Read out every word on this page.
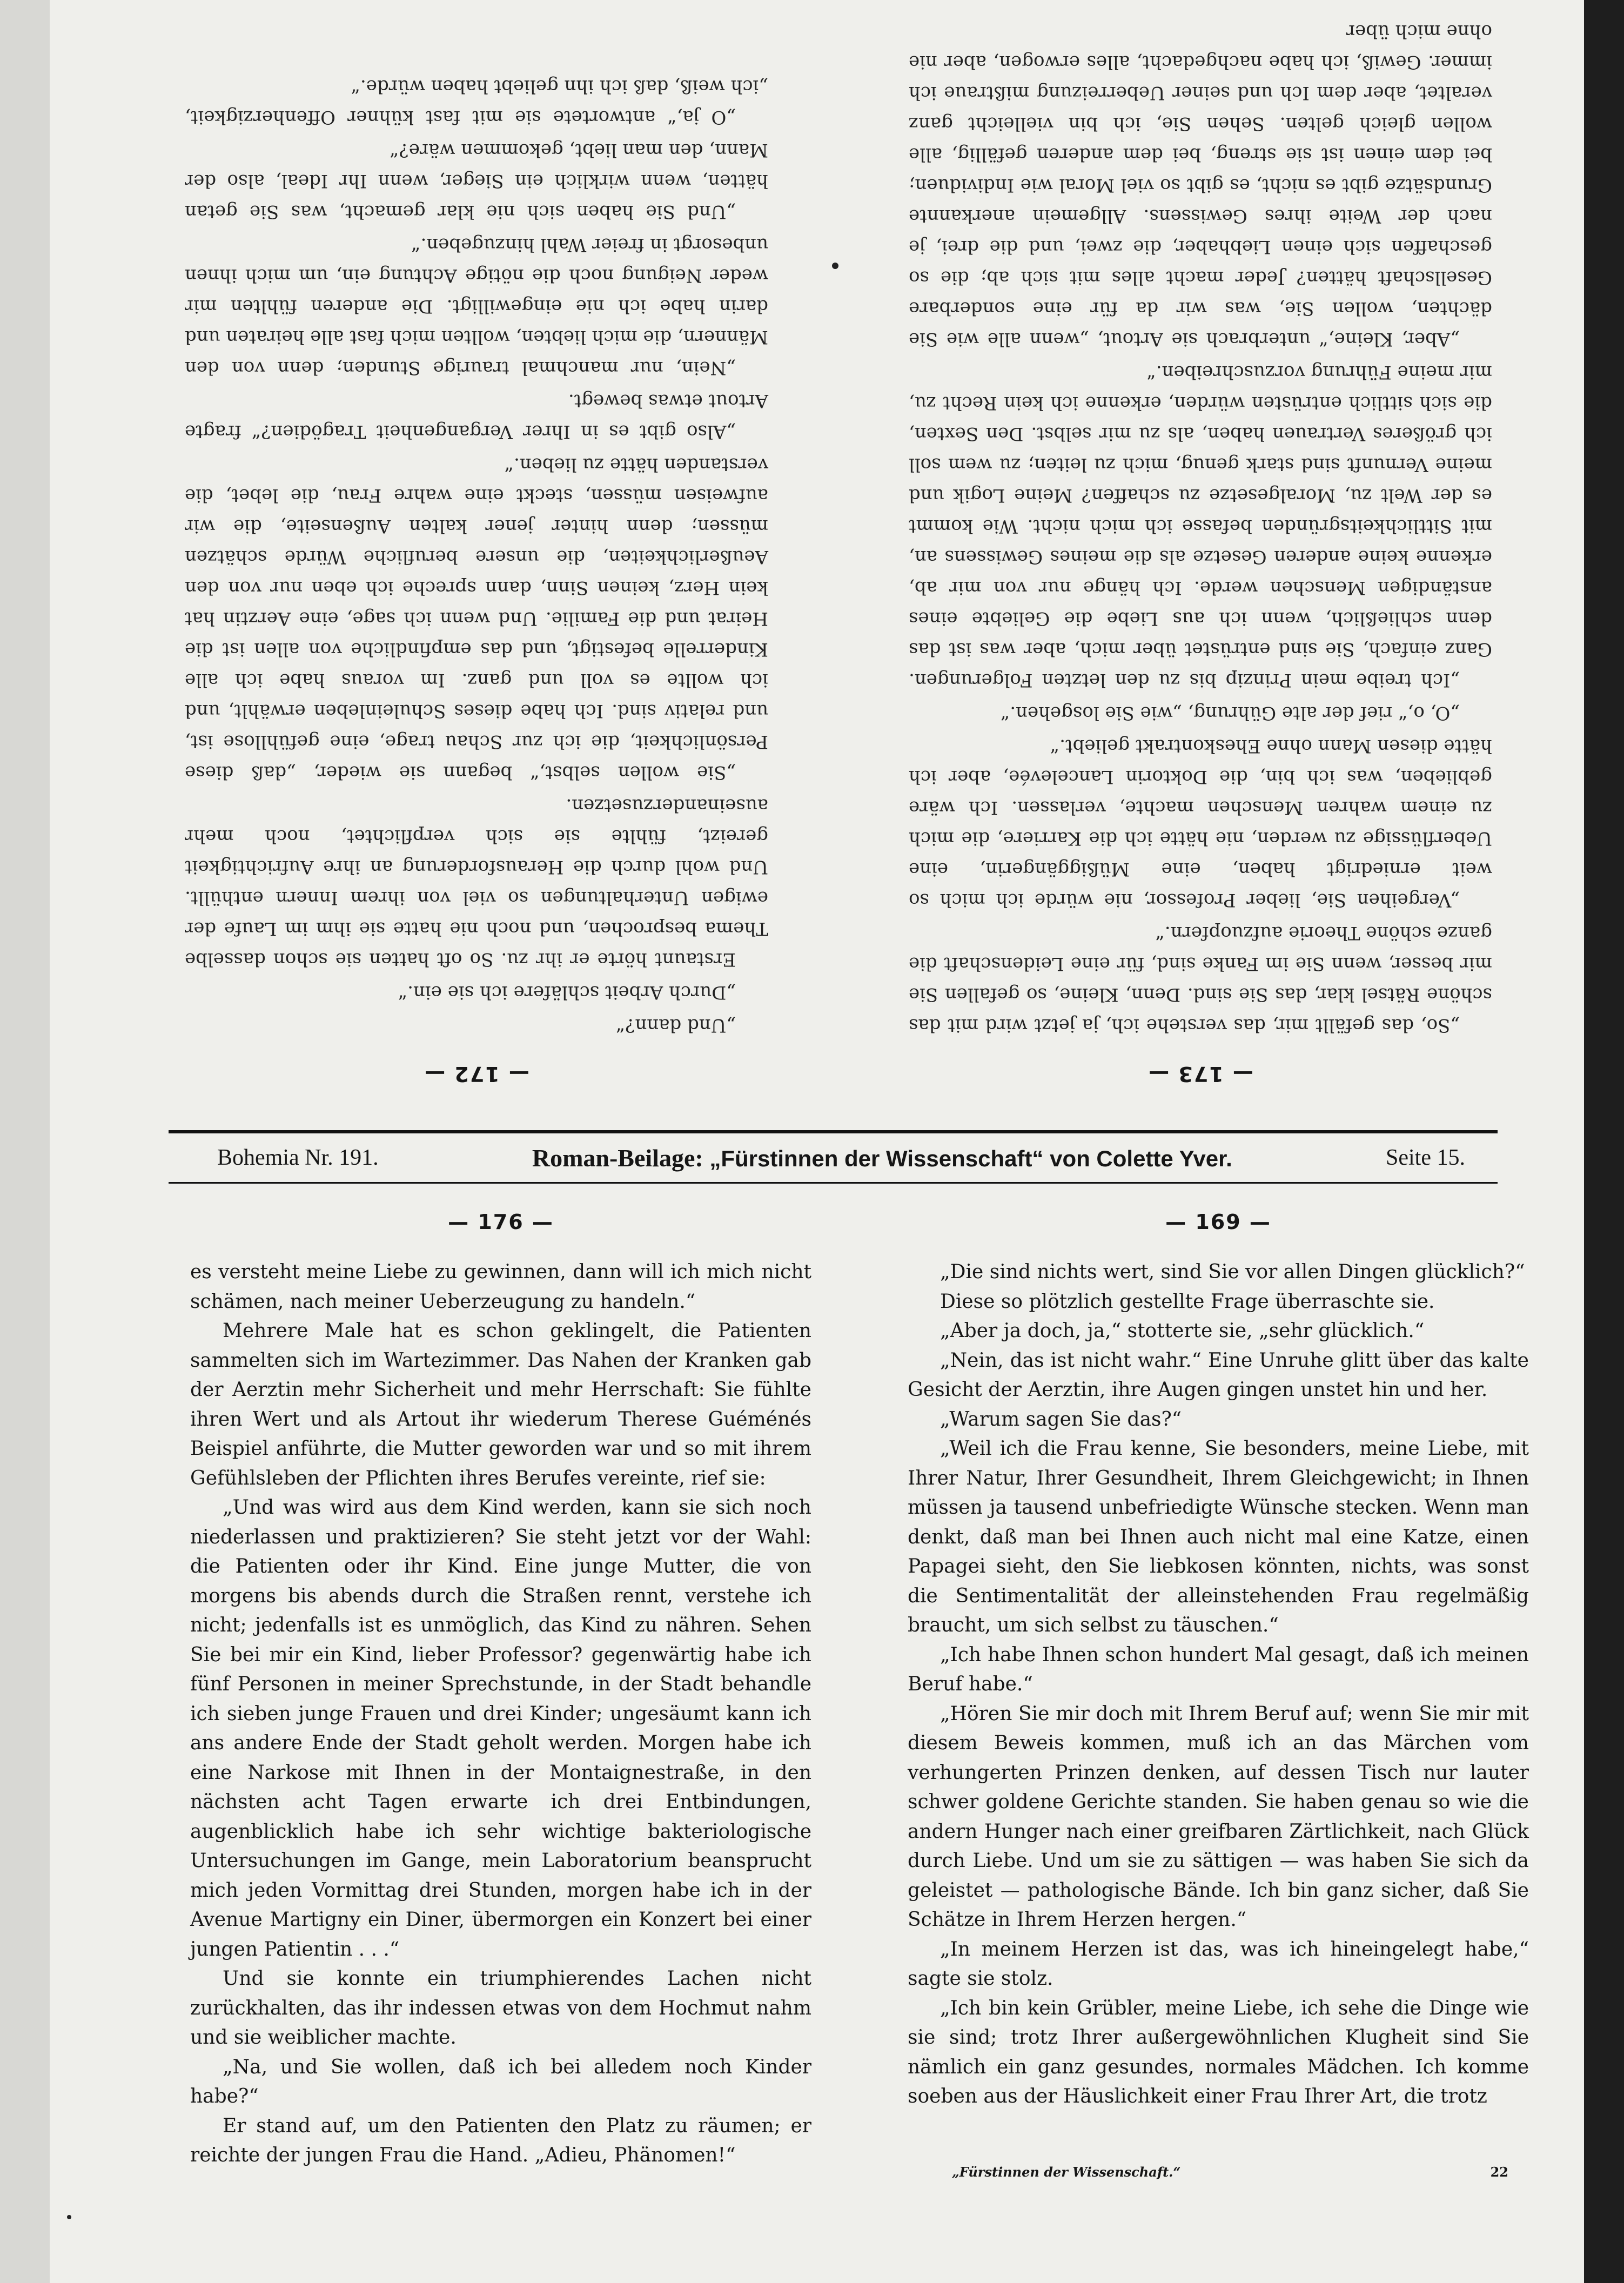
— 173 —

„So, das gefällt mir, das verstehe ich, ja jetzt wird mit das schöne Rätsel klar, das Sie sind. Denn, Kleine, so gefallen Sie mir besser, wenn Sie im Fanke sind, für eine Leidenschaft die ganze schöne Theorie aufzuopfern.“

„Vergeihen Sie, lieber Professor, nie würde ich mich so weit erniedrigt haben, eine Müßiggängerin, eine Ueberflüssige zu werden, nie hätte ich die Karriere, die mich zu einem wahren Menschen machte, verlassen. Ich wäre geblieben, was ich bin, die Doktorin Lancelevée, aber ich hätte diesen Mann ohne Eheskontrakt geliebt.“

„O, o,“ rief der alte Gührung, „wie Sie losgehen.“

„Ich treibe mein Prinzip bis zu den letzten Folgerungen. Ganz einfach, Sie sind entrüstet über mich, aber was ist das denn schließlich, wenn ich aus Liebe die Geliebte eines anständigen Menschen werde. Ich hänge nur von mir ab, erkenne keine anderen Gesetze als die meines Gewissens an, mit Sittlichkeitsgründen befasse ich mich nicht. Wie kommt es der Welt zu, Moralgesetze zu schaffen? Meine Logik und meine Vernunft sind stark genug, mich zu leiten; zu wem soll ich größeres Vertrauen haben, als zu mir selbst. Den Sexten, die sich sittlich entrüsten würden, erkenne ich kein Recht zu, mir meine Führung vorzuschreiben.“

„Aber, Kleine,“ unterbrach sie Artout, „wenn alle wie Sie dächten, wollen Sie, was wir da für eine sonderbare Gesellschaft hätten? Jeder macht alles mit sich ab; die so geschaffen sich einen Liebhaber, die zwei, und die drei, je nach der Weite ihres Gewissens. Allgemein anerkannte Grundsätze gibt es nicht, es gibt so viel Moral wie Individuen; bei dem einen ist sie streng, bei dem anderen gefällig, alle wollen gleich gelten. Sehen Sie, ich bin vielleicht ganz veraltet, aber dem Ich und seiner Ueberreizung mißtraue ich immer. Gewiß, ich habe nachgedacht, alles erwogen, aber nie ohne mich über

— 172 —

„Und dann?“

„Durch Arbeit schläfere ich sie ein.“

Erstaunt hörte er ihr zu. So oft hatten sie schon dasselbe Thema besprochen, und noch nie hatte sie ihm im Laufe der ewigen Unterhaltungen so viel von ihrem Innern enthüllt. Und wohl durch die Herausforderung an ihre Aufrichtigkeit gereizt, fühlte sie sich verpflichtet, noch mehr auseinanderzusetzen.

„Sie wollen selbst,“ begann sie wieder, „daß diese Persönlichkeit, die ich zur Schau trage, eine gefühllose ist, und relativ sind. Ich habe dieses Schuleinleben erwählt, und ich wollte es voll und ganz. Im voraus habe ich alle Kinderrelle befestigt, und das empfindliche von allen ist die Heirat und die Familie. Und wenn ich sage, eine Aerztin hat kein Herz, keinen Sinn, dann spreche ich eben nur von den Aeußerlichkeiten, die unsere berufliche Würde schätzen müssen; denn hinter jener kalten Außenseite, die wir aufweisen müssen, steckt eine wahre Frau, die lebet, die verstanden hätte zu lieben.“

„Also gibt es in Ihrer Vergangenheit Tragödien?“ fragte Artout etwas bewegt.

„Nein, nur manchmal traurige Stunden; denn von den Männern, die mich liebten, wollten mich fast alle heiraten und darin habe ich nie eingewilligt. Die anderen fühlten mir weder Neigung noch die nötige Achtung ein, um mich ihnen unbesorgt in freier Wahl hinzugeben.“

„Und Sie haben sich nie klar gemacht, was Sie getan hätten, wenn wirklich ein Sieger, wenn Ihr Ideal, also der Mann, den man liebt, gekommen wäre?“

„O ja,“ antwortete sie mit fast kühner Offenherzigkeit, „ich weiß, daß ich ihn geliebt haben würde.“

Bohemia Nr. 191.	Roman-Beilage: „Fürstinnen der Wissenschaft“ von Colette Yver.	Seite 15.
— 176 —

es versteht meine Liebe zu gewinnen, dann will ich mich nicht schämen, nach meiner Ueberzeugung zu handeln.“

Mehrere Male hat es schon geklingelt, die Patienten sammelten sich im Wartezimmer. Das Nahen der Kranken gab der Aerztin mehr Sicherheit und mehr Herrschaft: Sie fühlte ihren Wert und als Artout ihr wiederum Therese Guéménés Beispiel anführte, die Mutter geworden war und so mit ihrem Gefühlsleben der Pflichten ihres Berufes vereinte, rief sie:

„Und was wird aus dem Kind werden, kann sie sich noch niederlassen und praktizieren? Sie steht jetzt vor der Wahl: die Patienten oder ihr Kind. Eine junge Mutter, die von morgens bis abends durch die Straßen rennt, verstehe ich nicht; jedenfalls ist es unmöglich, das Kind zu nähren. Sehen Sie bei mir ein Kind, lieber Professor? gegenwärtig habe ich fünf Personen in meiner Sprechstunde, in der Stadt behandle ich sieben junge Frauen und drei Kinder; ungesäumt kann ich ans andere Ende der Stadt geholt werden. Morgen habe ich eine Narkose mit Ihnen in der Montaignestraße, in den nächsten acht Tagen erwarte ich drei Entbindungen, augenblicklich habe ich sehr wichtige bakteriologische Untersuchungen im Gange, mein Laboratorium beansprucht mich jeden Vormittag drei Stunden, morgen habe ich in der Avenue Martigny ein Diner, übermorgen ein Konzert bei einer jungen Patientin . . .“

Und sie konnte ein triumphierendes Lachen nicht zurückhalten, das ihr indessen etwas von dem Hochmut nahm und sie weiblicher machte.

„Na, und Sie wollen, daß ich bei alledem noch Kinder habe?“

Er stand auf, um den Patienten den Platz zu räumen; er reichte der jungen Frau die Hand. „Adieu, Phänomen!“

— 169 —

„Die sind nichts wert, sind Sie vor allen Dingen glücklich?“

Diese so plötzlich gestellte Frage überraschte sie.

„Aber ja doch, ja,“ stotterte sie, „sehr glücklich.“

„Nein, das ist nicht wahr.“ Eine Unruhe glitt über das kalte Gesicht der Aerztin, ihre Augen gingen unstet hin und her.

„Warum sagen Sie das?“

„Weil ich die Frau kenne, Sie besonders, meine Liebe, mit Ihrer Natur, Ihrer Gesundheit, Ihrem Gleichgewicht; in Ihnen müssen ja tausend unbefriedigte Wünsche stecken. Wenn man denkt, daß man bei Ihnen auch nicht mal eine Katze, einen Papagei sieht, den Sie liebkosen könnten, nichts, was sonst die Sentimentalität der alleinstehenden Frau regelmäßig braucht, um sich selbst zu täuschen.“

„Ich habe Ihnen schon hundert Mal gesagt, daß ich meinen Beruf habe.“

„Hören Sie mir doch mit Ihrem Beruf auf; wenn Sie mir mit diesem Beweis kommen, muß ich an das Märchen vom verhungerten Prinzen denken, auf dessen Tisch nur lauter schwer goldene Gerichte standen. Sie haben genau so wie die andern Hunger nach einer greifbaren Zärtlichkeit, nach Glück durch Liebe. Und um sie zu sättigen — was haben Sie sich da geleistet — pathologische Bände. Ich bin ganz sicher, daß Sie Schätze in Ihrem Herzen hergen.“

„In meinem Herzen ist das, was ich hineingelegt habe,“ sagte sie stolz.

„Ich bin kein Grübler, meine Liebe, ich sehe die Dinge wie sie sind; trotz Ihrer außergewöhnlichen Klugheit sind Sie nämlich ein ganz gesundes, normales Mädchen. Ich komme soeben aus der Häuslichkeit einer Frau Ihrer Art, die trotz

„Fürstinnen der Wissenschaft.“	22
